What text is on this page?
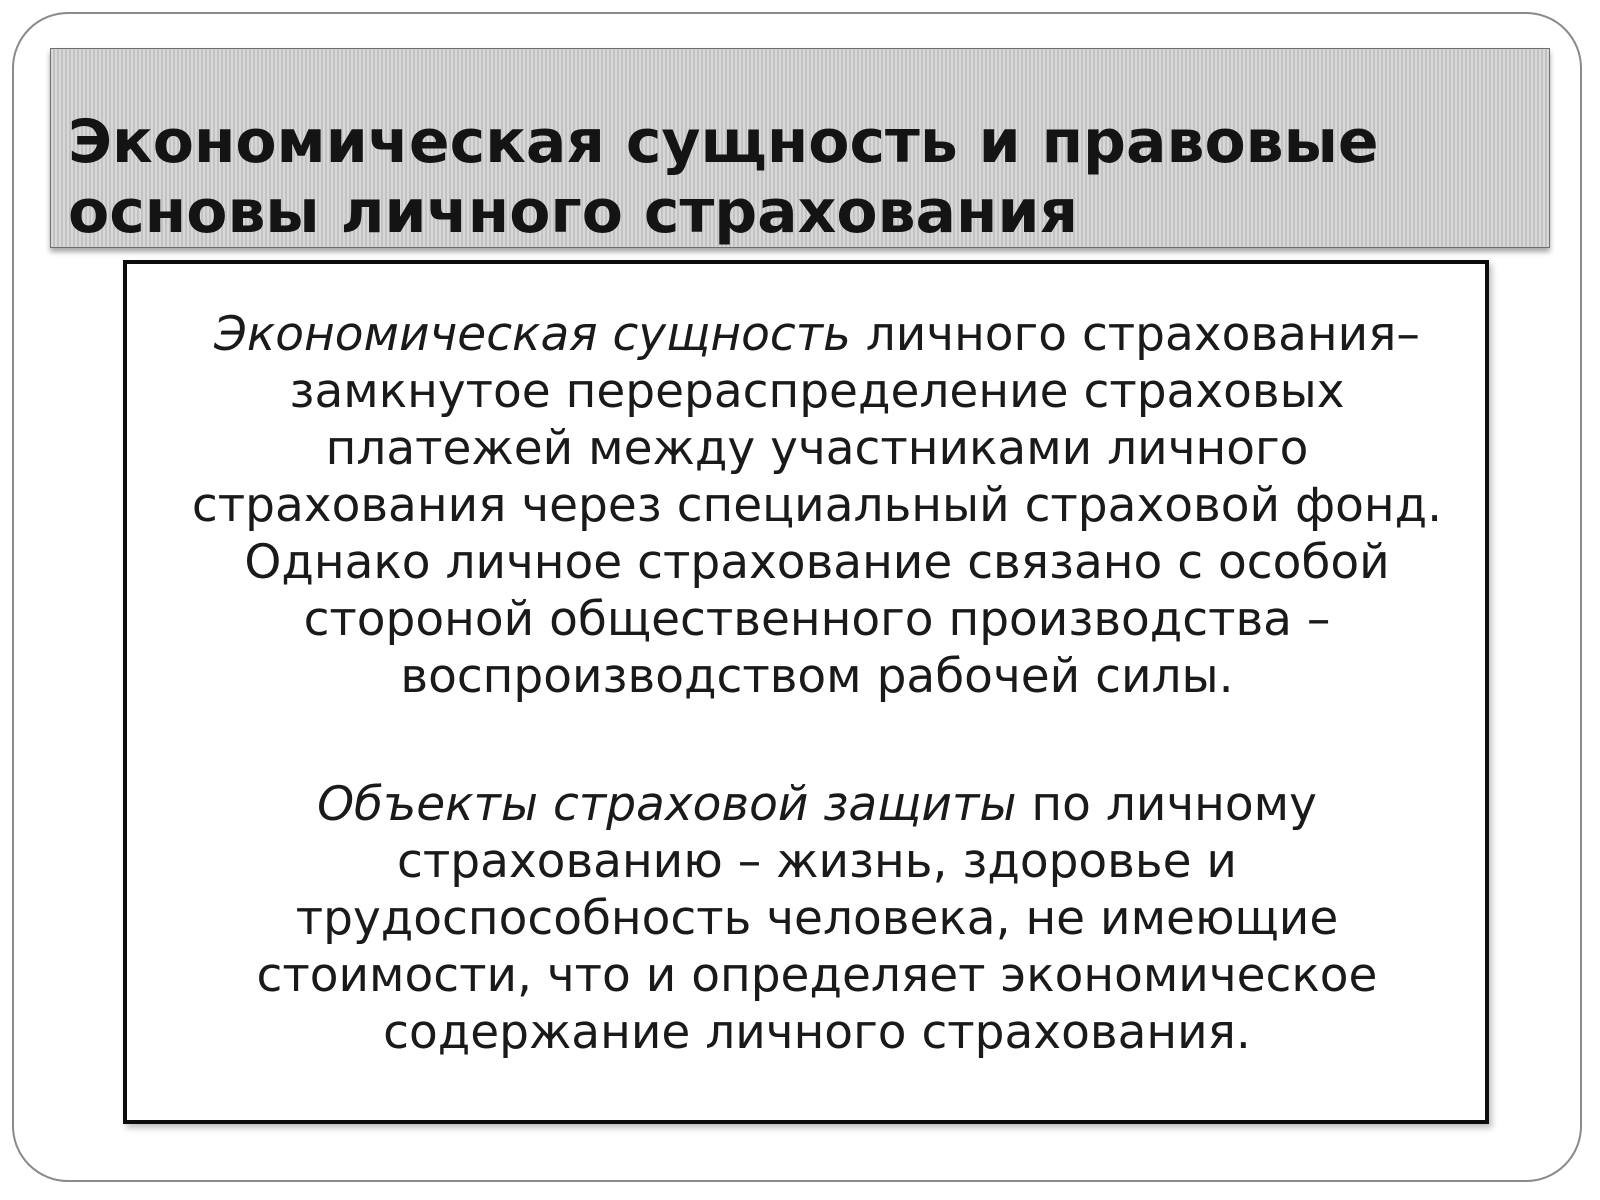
Экономическая сущность и правовые
основы личного страхования

Экономическая сущность личного страхования– замкнутое перераспределение страховых платежей между участниками личного страхования через специальный страховой фонд. Однако личное страхование связано с особой стороной общественного производства – воспроизводством рабочей силы.

Объекты страховой защиты по личному страхованию – жизнь, здоровье и трудоспособность человека, не имеющие стоимости, что и определяет экономическое содержание личного страхования.
